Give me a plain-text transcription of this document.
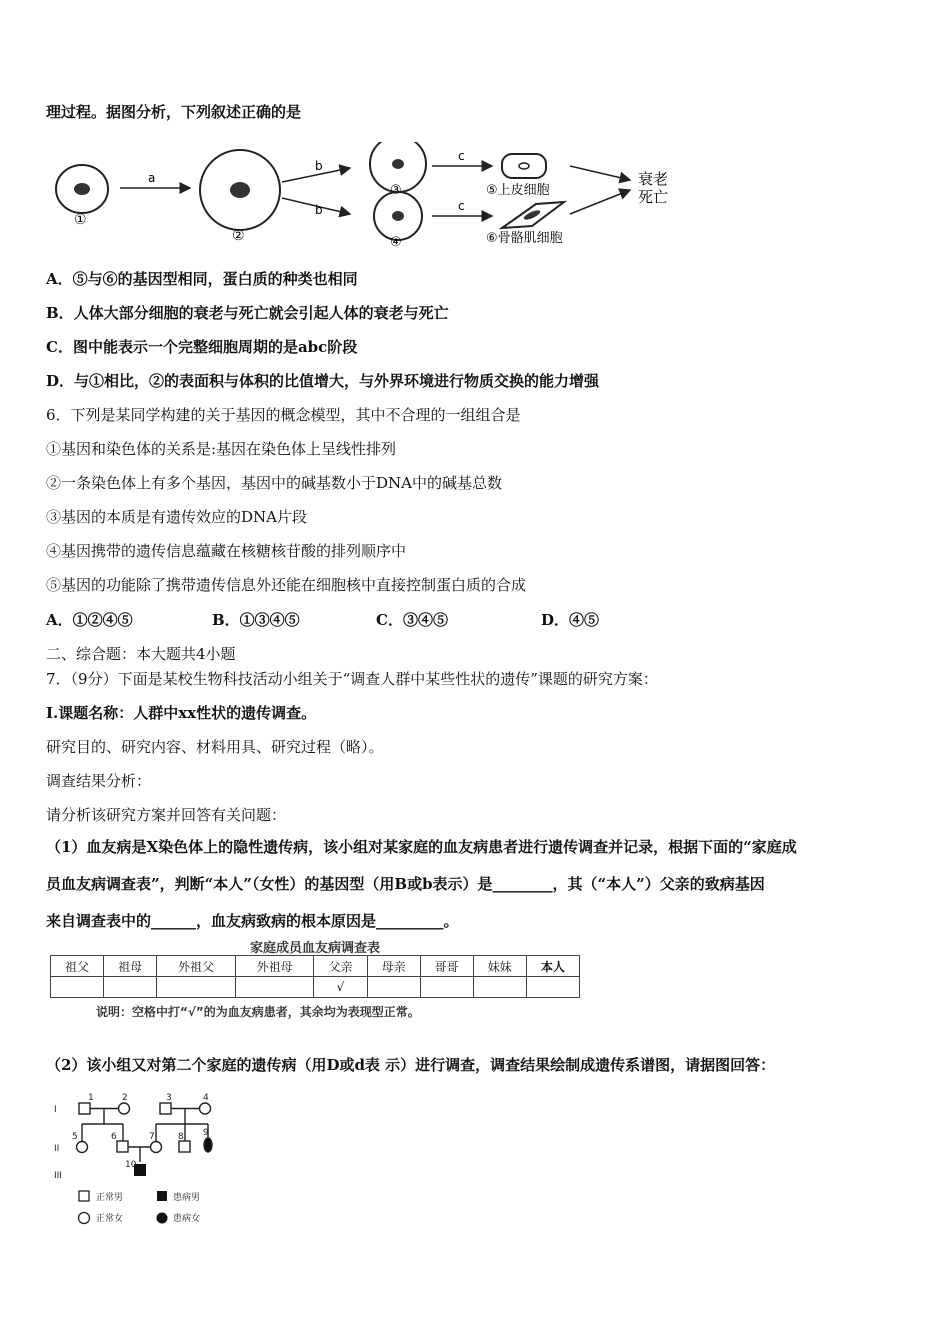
理过程。据图分析，下列叙述正确的是
①
a
②
b
b
③
④
c
c
⑤上皮细胞
⑥骨骼肌细胞
衰老
死亡
A．⑤与⑥的基因型相同，蛋白质的种类也相同
B．人体大部分细胞的衰老与死亡就会引起人体的衰老与死亡
C．图中能表示一个完整细胞周期的是abc阶段
D．与①相比，②的表面积与体积的比值增大，与外界环境进行物质交换的能力增强
6．下列是某同学构建的关于基因的概念模型，其中不合理的一组组合是
①基因和染色体的关系是:基因在染色体上呈线性排列
②一条染色体上有多个基因，基因中的碱基数小于DNA中的碱基总数
③基因的本质是有遗传效应的DNA片段
④基因携带的遗传信息蕴藏在核糖核苷酸的排列顺序中
⑤基因的功能除了携带遗传信息外还能在细胞核中直接控制蛋白质的合成
A．①②④⑤	B．①③④⑤	C．③④⑤	D．④⑤
二、综合题：本大题共4小题
7．（9分）下面是某校生物科技活动小组关于“调查人群中某些性状的遗传”课题的研究方案：
I.课题名称：人群中xx性状的遗传调查。
研究目的、研究内容、材料用具、研究过程（略）。
调查结果分析：
请分析该研究方案并回答有关问题：
（1）血友病是X染色体上的隐性遗传病，该小组对某家庭的血友病患者进行遗传调查并记录，根据下面的“家庭成
员血友病调查表”，判断“本人”（女性）的基因型（用B或b表示）是________，其（“本人”）父亲的致病基因
来自调查表中的______，血友病致病的根本原因是_________。
家庭成员血友病调查表
祖父	祖母	外祖父	外祖母	父亲	母亲	哥哥	妹妹	本人
				√				
说明：空格中打“√”的为血友病患者，其余均为表现型正常。
（2）该小组又对第二个家庭的遗传病（用D或d表 示）进行调查，调查结果绘制成遗传系谱图，请据图回答：
I
II
III
1	2	3	4
5	6	7	8 9
10
正常男	患病男
正常女	患病女
